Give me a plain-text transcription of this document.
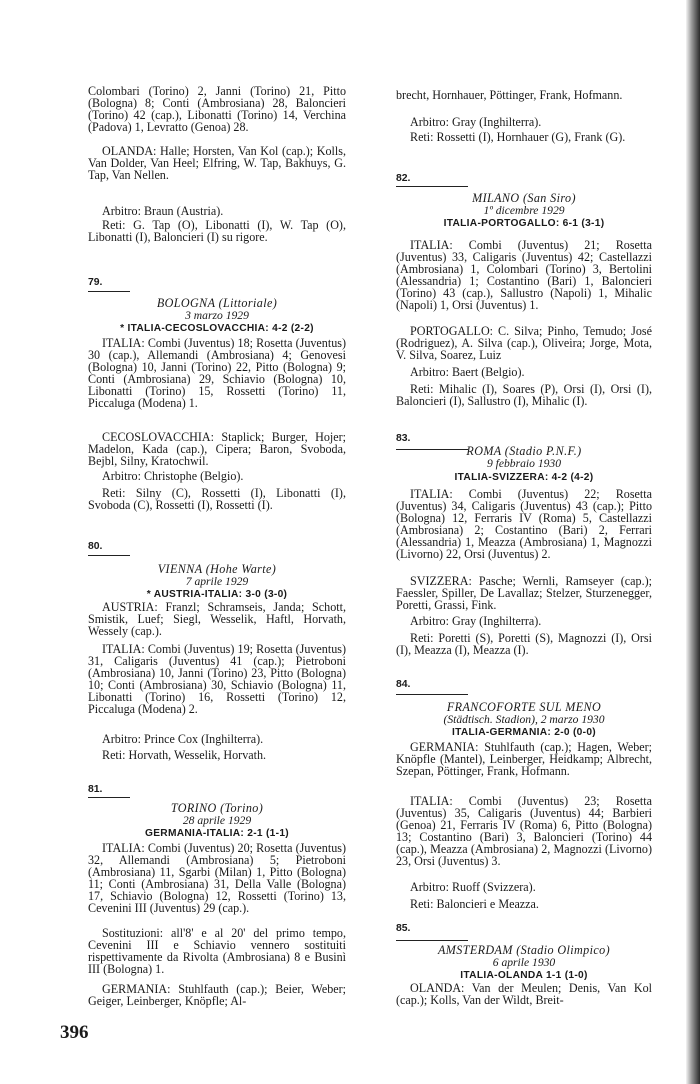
Colombari (Torino) 2, Janni (Torino) 21, Pitto (Bologna) 8; Conti (Ambrosiana) 28, Baloncieri (Torino) 42 (cap.), Libonatti (Torino) 14, Verchina (Padova) 1, Levratto (Genoa) 28.

OLANDA: Halle; Horsten, Van Kol (cap.); Kolls, Van Dolder, Van Heel; Elfring, W. Tap, Bakhuys, G. Tap, Van Nellen.

Arbitro: Braun (Austria).

Reti: G. Tap (O), Libonatti (I), W. Tap (O), Libonatti (I), Baloncieri (I) su rigore.

79.

BOLOGNA (Littoriale)

3 marzo 1929

* ITALIA-CECOSLOVACCHIA: 4-2 (2-2)

ITALIA: Combi (Juventus) 18; Rosetta (Juventus) 30 (cap.), Allemandi (Ambrosiana) 4; Genovesi (Bologna) 10, Janni (Torino) 22, Pitto (Bologna) 9; Conti (Ambrosiana) 29, Schiavio (Bologna) 10, Libonatti (Torino) 15, Rossetti (Torino) 11, Piccaluga (Modena) 1.

CECOSLOVACCHIA: Staplick; Burger, Hojer; Madelon, Kada (cap.), Cipera; Baron, Svoboda, Bejbl, Silny, Kratochwil.

Arbitro: Christophe (Belgio).

Reti: Silny (C), Rossetti (I), Libonatti (I), Svoboda (C), Rossetti (I), Rossetti (I).

80.

VIENNA (Hohe Warte)

7 aprile 1929

* AUSTRIA-ITALIA: 3-0 (3-0)

AUSTRIA: Franzl; Schramseis, Janda; Schott, Smistik, Luef; Siegl, Wesselik, Haftl, Horvath, Wessely (cap.).

ITALIA: Combi (Juventus) 19; Rosetta (Juventus) 31, Caligaris (Juventus) 41 (cap.); Pietroboni (Ambrosiana) 10, Janni (Torino) 23, Pitto (Bologna) 10; Conti (Ambrosiana) 30, Schiavio (Bologna) 11, Libonatti (Torino) 16, Rossetti (Torino) 12, Piccaluga (Modena) 2.

Arbitro: Prince Cox (Inghilterra).

Reti: Horvath, Wesselik, Horvath.

81.

TORINO (Torino)

28 aprile 1929

GERMANIA-ITALIA: 2-1 (1-1)

ITALIA: Combi (Juventus) 20; Rosetta (Juventus) 32, Allemandi (Ambrosiana) 5; Pietroboni (Ambrosiana) 11, Sgarbi (Milan) 1, Pitto (Bologna) 11; Conti (Ambrosiana) 31, Della Valle (Bologna) 17, Schiavio (Bologna) 12, Rossetti (Torino) 13, Cevenini III (Juventus) 29 (cap.).

Sostituzioni: all'8' e al 20' del primo tempo, Cevenini III e Schiavio vennero sostituiti rispettivamente da Rivolta (Ambrosiana) 8 e Businì III (Bologna) 1.

GERMANIA: Stuhlfauth (cap.); Beier, Weber; Geiger, Leinberger, Knöpfle; Al-

brecht, Hornhauer, Pöttinger, Frank, Hofmann.

Arbitro: Gray (Inghilterra).

Reti: Rossetti (I), Hornhauer (G), Frank (G).

82.

MILANO (San Siro)

1º dicembre 1929

ITALIA-PORTOGALLO: 6-1 (3-1)

ITALIA: Combi (Juventus) 21; Rosetta (Juventus) 33, Caligaris (Juventus) 42; Castellazzi (Ambrosiana) 1, Colombari (Torino) 3, Bertolini (Alessandria) 1; Costantino (Bari) 1, Baloncieri (Torino) 43 (cap.), Sallustro (Napoli) 1, Mihalic (Napoli) 1, Orsi (Juventus) 1.

PORTOGALLO: C. Silva; Pinho, Temudo; José (Rodriguez), A. Silva (cap.), Oliveira; Jorge, Mota, V. Silva, Soarez, Luiz

Arbitro: Baert (Belgio).

Reti: Mihalic (I), Soares (P), Orsi (I), Orsi (I), Baloncieri (I), Sallustro (I), Mihalic (I).

83.

ROMA (Stadio P.N.F.)

9 febbraio 1930

ITALIA-SVIZZERA: 4-2 (4-2)

ITALIA: Combi (Juventus) 22; Rosetta (Juventus) 34, Caligaris (Juventus) 43 (cap.); Pitto (Bologna) 12, Ferraris IV (Roma) 5, Castellazzi (Ambrosiana) 2; Costantino (Bari) 2, Ferrari (Alessandria) 1, Meazza (Ambrosiana) 1, Magnozzi (Livorno) 22, Orsi (Juventus) 2.

SVIZZERA: Pasche; Wernli, Ramseyer (cap.); Faessler, Spiller, De Lavallaz; Stelzer, Sturzenegger, Poretti, Grassi, Fink.

Arbitro: Gray (Inghilterra).

Reti: Poretti (S), Poretti (S), Magnozzi (I), Orsi (I), Meazza (I), Meazza (I).

84.

FRANCOFORTE SUL MENO

(Städtisch. Stadion), 2 marzo 1930

ITALIA-GERMANIA: 2-0 (0-0)

GERMANIA: Stuhlfauth (cap.); Hagen, Weber; Knöpfle (Mantel), Leinberger, Heidkamp; Albrecht, Szepan, Pöttinger, Frank, Hofmann.

ITALIA: Combi (Juventus) 23; Rosetta (Juventus) 35, Caligaris (Juventus) 44; Barbieri (Genoa) 21, Ferraris IV (Roma) 6, Pitto (Bologna) 13; Costantino (Bari) 3, Baloncieri (Torino) 44 (cap.), Meazza (Ambrosiana) 2, Magnozzi (Livorno) 23, Orsi (Juventus) 3.

Arbitro: Ruoff (Svizzera).

Reti: Baloncieri e Meazza.

85.

AMSTERDAM (Stadio Olimpico)

6 aprile 1930

ITALIA-OLANDA 1-1 (1-0)

OLANDA: Van der Meulen; Denis, Van Kol (cap.); Kolls, Van der Wildt, Breit-

396
